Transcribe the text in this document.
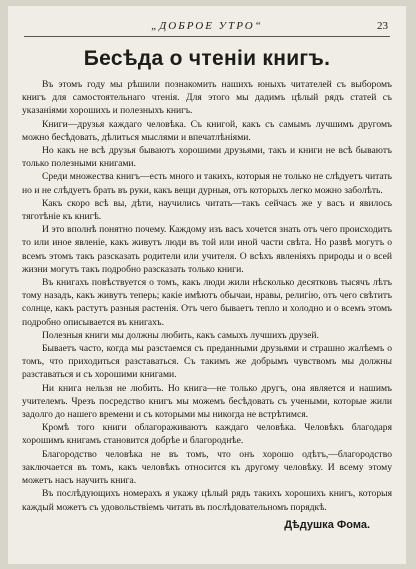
„ДОБРОЕ УТРО“	23
Бесѣда о чтеніи книгъ.

Въ этомъ году мы рѣшили познакомить нашихъ юныхъ читателей съ выборомъ книгъ для самостоятельнаго чтенія. Для этого мы дадимъ цѣлый рядъ статей съ указаніями хорошихъ и полезныхъ книгъ.

Книги—друзья каждаго человѣка. Съ книгой, какъ съ самымъ лучшимъ другомъ можно бесѣдовать, дѣлиться мыслями и впечатлѣніями.

Но какъ не всѣ друзья бываютъ хорошими друзьями, такъ и книги не всѣ бываютъ только полезными книгами.

Среди множества книгъ—есть много и такихъ, которыя не только не слѣдуетъ читать но и не слѣдуетъ брать въ руки, какъ вещи дурныя, отъ которыхъ легко можно заболѣть.

Какъ скоро всѣ вы, дѣти, научились читать—такъ сейчасъ же у васъ и явилось тяготѣніе къ книгѣ.

И это вполнѣ понятно почему. Каждому изъ васъ хочется знать отъ чего происходитъ то или иное явленіе, какъ живутъ люди въ той или иной части свѣта. Но развѣ могутъ о всемъ этомъ такъ разсказать родители или учителя. О всѣхъ явленіяхъ природы и о всей жизни могутъ такъ подробно разсказать только книги.

Въ книгахъ повѣствуется о томъ, какъ люди жили нѣсколько десятковъ тысячъ лѣтъ тому назадъ, какъ живутъ теперь; какіе имѣютъ обычаи, нравы, религію, отъ чего свѣтитъ солнце, какъ растутъ разныя растенія. Отъ чего бываетъ тепло и холодно и о всемъ этомъ подробно описывается въ книгахъ.

Полезныя книги мы должны любить, какъ самыхъ лучшихъ друзей.

Бываетъ часто, когда мы разстаемся съ преданными друзьями и страшно жалѣемъ о томъ, что приходиться разставаться. Съ такимъ же добрымъ чувствомъ мы должны разставаться и съ хорошими книгами.

Ни книга нельзя не любить. Но книга—не только другъ, она является и нашимъ учителемъ. Чрезъ посредство книгъ мы можемъ бесѣдовать съ учеными, которые жили задолго до нашего времени и съ которыми мы никогда не встрѣтимся.

Кромѣ того книги облагораживаютъ каждаго человѣка. Человѣкъ благодаря хорошимъ книгамъ становится добрѣе и благороднѣе.

Благородство человѣка не въ томъ, что онъ хорошо одѣтъ,—благородство заключается въ томъ, какъ человѣкъ относится къ другому человѣку. И всему этому можетъ насъ научить книга.

Въ послѣдующихъ номерахъ я укажу цѣлый рядъ такихъ хорошихъ книгъ, которыя каждый можетъ съ удовольствіемъ читать въ послѣдовательномъ порядкѣ.

Дѣдушка Фома.
